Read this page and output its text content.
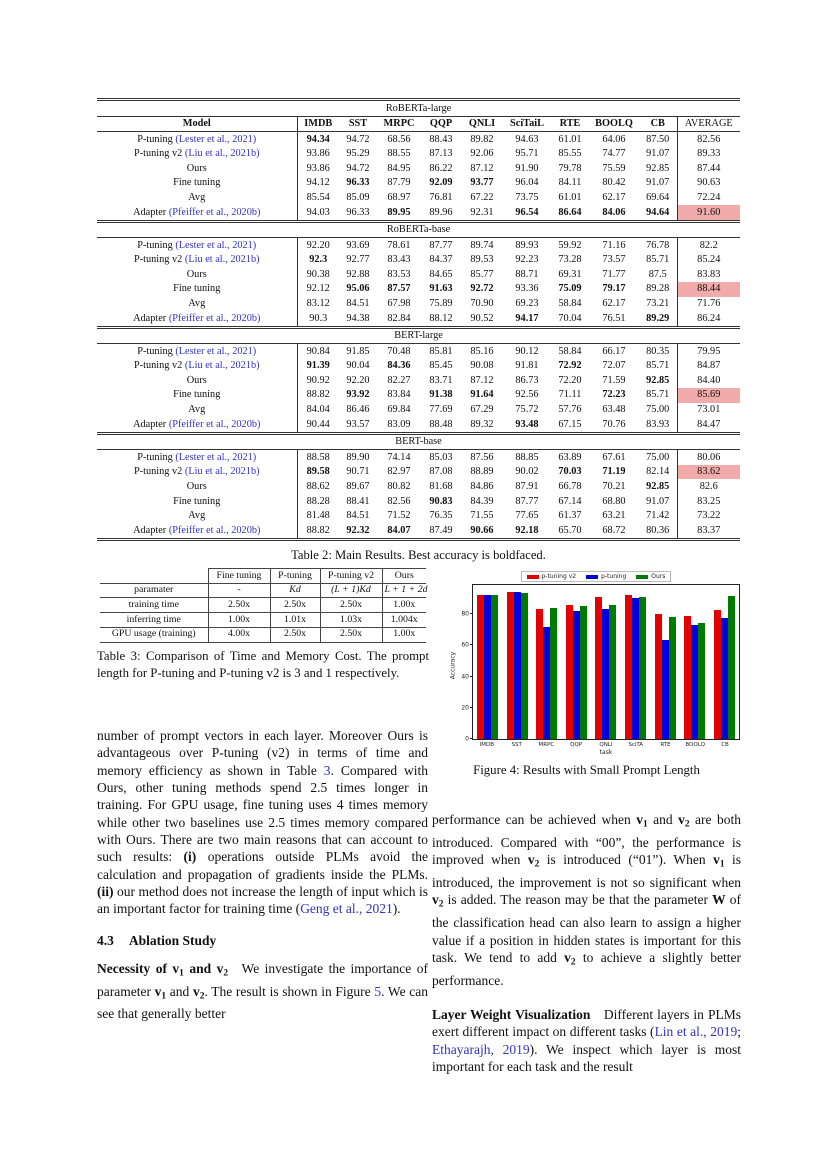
RoBERTa-large										
Model	IMDB	SST	MRPC	QQP	QNLI	SciTaiL	RTE	BOOLQ	CB	AVERAGE
P-tuning (Lester et al., 2021)	94.34	94.72	68.56	88.43	89.82	94.63	61.01	64.06	87.50	82.56
P-tuning v2 (Liu et al., 2021b)	93.86	95.29	88.55	87.13	92.06	95.71	85.55	74.77	91.07	89.33
Ours	93.86	94.72	84.95	86.22	87.12	91.90	79.78	75.59	92.85	87.44
Fine tuning	94.12	96.33	87.79	92.09	93.77	96.04	84.11	80.42	91.07	90.63
Avg	85.54	85.09	68.97	76.81	67.22	73.75	61.01	62.17	69.64	72.24
Adapter (Pfeiffer et al., 2020b)	94.03	96.33	89.95	89.96	92.31	96.54	86.64	84.06	94.64	91.60
RoBERTa-base										
P-tuning (Lester et al., 2021)	92.20	93.69	78.61	87.77	89.74	89.93	59.92	71.16	76.78	82.2
P-tuning v2 (Liu et al., 2021b)	92.3	92.77	83.43	84.37	89.53	92.23	73.28	73.57	85.71	85.24
Ours	90.38	92.88	83.53	84.65	85.77	88.71	69.31	71.77	87.5	83.83
Fine tuning	92.12	95.06	87.57	91.63	92.72	93.36	75.09	79.17	89.28	88.44
Avg	83.12	84.51	67.98	75.89	70.90	69.23	58.84	62.17	73.21	71.76
Adapter (Pfeiffer et al., 2020b)	90.3	94.38	82.84	88.12	90.52	94.17	70.04	76.51	89.29	86.24
BERT-large										
P-tuning (Lester et al., 2021)	90.84	91.85	70.48	85.81	85.16	90.12	58.84	66.17	80.35	79.95
P-tuning v2 (Liu et al., 2021b)	91.39	90.04	84.36	85.45	90.08	91.81	72.92	72.07	85.71	84.87
Ours	90.92	92.20	82.27	83.71	87.12	86.73	72.20	71.59	92.85	84.40
Fine tuning	88.82	93.92	83.84	91.38	91.64	92.56	71.11	72.23	85.71	85.69
Avg	84.04	86.46	69.84	77.69	67.29	75.72	57.76	63.48	75.00	73.01
Adapter (Pfeiffer et al., 2020b)	90.44	93.57	83.09	88.48	89.32	93.48	67.15	70.76	83.93	84.47
BERT-base										
P-tuning (Lester et al., 2021)	88.58	89.90	74.14	85.03	87.56	88.85	63.89	67.61	75.00	80.06
P-tuning v2 (Liu et al., 2021b)	89.58	90.71	82.97	87.08	88.89	90.02	70.03	71.19	82.14	83.62
Ours	88.62	89.67	80.82	81.68	84.86	87.91	66.78	70.21	92.85	82.6
Fine tuning	88.28	88.41	82.56	90.83	84.39	87.77	67.14	68.80	91.07	83.25
Avg	81.48	84.51	71.52	76.35	71.55	77.65	61.37	63.21	71.42	73.22
Adapter (Pfeiffer et al., 2020b)	88.82	92.32	84.07	87.49	90.66	92.18	65.70	68.72	80.36	83.37
Table 2: Main Results. Best accuracy is boldfaced.
	Fine tuning	P-tuning	P-tuning v2	Ours
paramater	-	Kd	(L + 1)Kd	L + 1 + 2d
training time	2.50x	2.50x	2.50x	1.00x
inferring time	1.00x	1.01x	1.03x	1.004x
GPU usage (training)	4.00x	2.50x	2.50x	1.00x
Table 3: Comparison of Time and Memory Cost. The prompt length for P-tuning and P-tuning v2 is 3 and 1 respectively.
p-tuning v2	p-tuning	Ours
Accuracy
0
20
40
60
80
IMDB	SST	MRPC	QQP	QNLI	SciTA	RTE	BOOLQ	CB
task
Figure 4: Results with Small Prompt Length

number of prompt vectors in each layer. Moreover Ours is advantageous over P-tuning (v2) in terms of time and memory efficiency as shown in Table 3. Compared with Ours, other tuning methods spend 2.5 times longer in training. For GPU usage, fine tuning uses 4 times memory while other two baselines use 2.5 times memory compared with Ours. There are two main reasons that can account to such results: (i) operations outside PLMs avoid the calculation and propagation of gradients inside the PLMs. (ii) our method does not increase the length of input which is an important factor for training time (Geng et al., 2021).

4.3 Ablation Study

Necessity of v1 and v2 We investigate the importance of parameter v1 and v2. The result is shown in Figure 5. We can see that generally better

performance can be achieved when v1 and v2 are both introduced. Compared with “00”, the performance is improved when v2 is introduced (“01”). When v1 is introduced, the improvement is not so significant when v2 is added. The reason may be that the parameter W of the classification head can also learn to assign a higher value if a position in hidden states is important for this task. We tend to add v2 to achieve a slightly better performance.

Layer Weight Visualization Different layers in PLMs exert different impact on different tasks (Lin et al., 2019; Ethayarajh, 2019). We inspect which layer is most important for each task and the result
